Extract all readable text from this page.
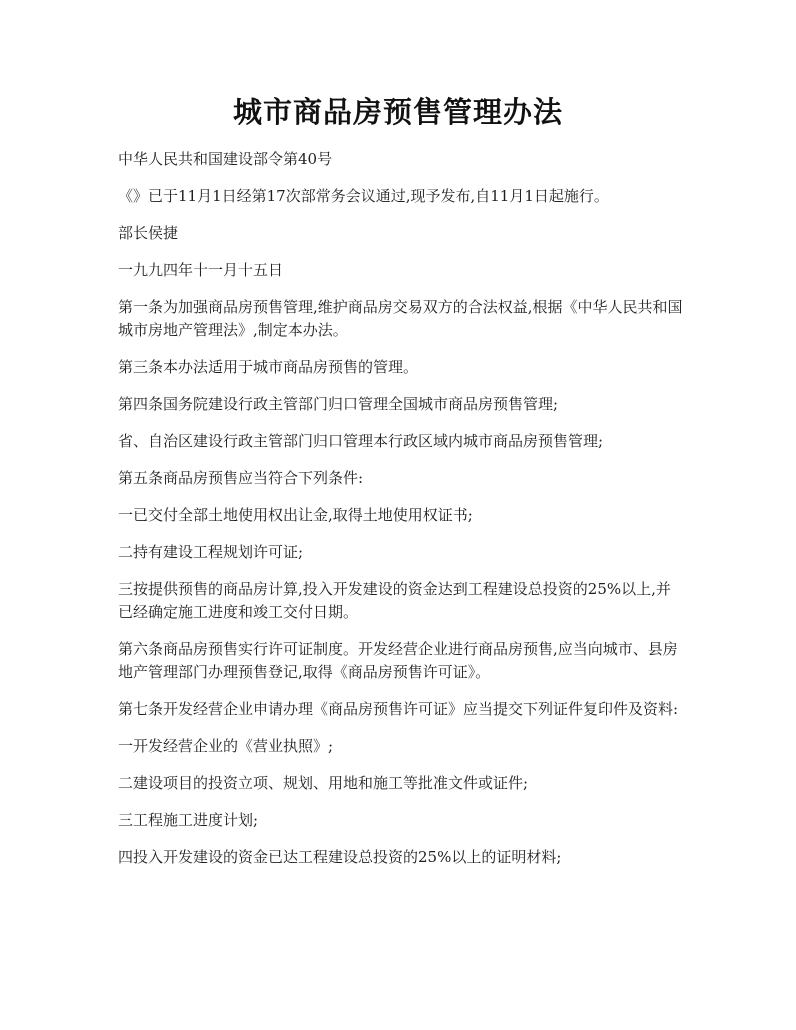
城市商品房预售管理办法

中华人民共和国建设部令第40号

《》已于11月1日经第17次部常务会议通过,现予发布,自11月1日起施行。

部长侯捷

一九九四年十一月十五日

第一条为加强商品房预售管理,维护商品房交易双方的合法权益,根据《中华人民共和国城市房地产管理法》,制定本办法。

第三条本办法适用于城市商品房预售的管理。

第四条国务院建设行政主管部门归口管理全国城市商品房预售管理;

省、自治区建设行政主管部门归口管理本行政区域内城市商品房预售管理;

第五条商品房预售应当符合下列条件:

一已交付全部土地使用权出让金,取得土地使用权证书;

二持有建设工程规划许可证;

三按提供预售的商品房计算,投入开发建设的资金达到工程建设总投资的25%以上,并已经确定施工进度和竣工交付日期。

第六条商品房预售实行许可证制度。开发经营企业进行商品房预售,应当向城市、县房地产管理部门办理预售登记,取得《商品房预售许可证》。

第七条开发经营企业申请办理《商品房预售许可证》应当提交下列证件复印件及资料:

一开发经营企业的《营业执照》;

二建设项目的投资立项、规划、用地和施工等批准文件或证件;

三工程施工进度计划;

四投入开发建设的资金已达工程建设总投资的25%以上的证明材料;
